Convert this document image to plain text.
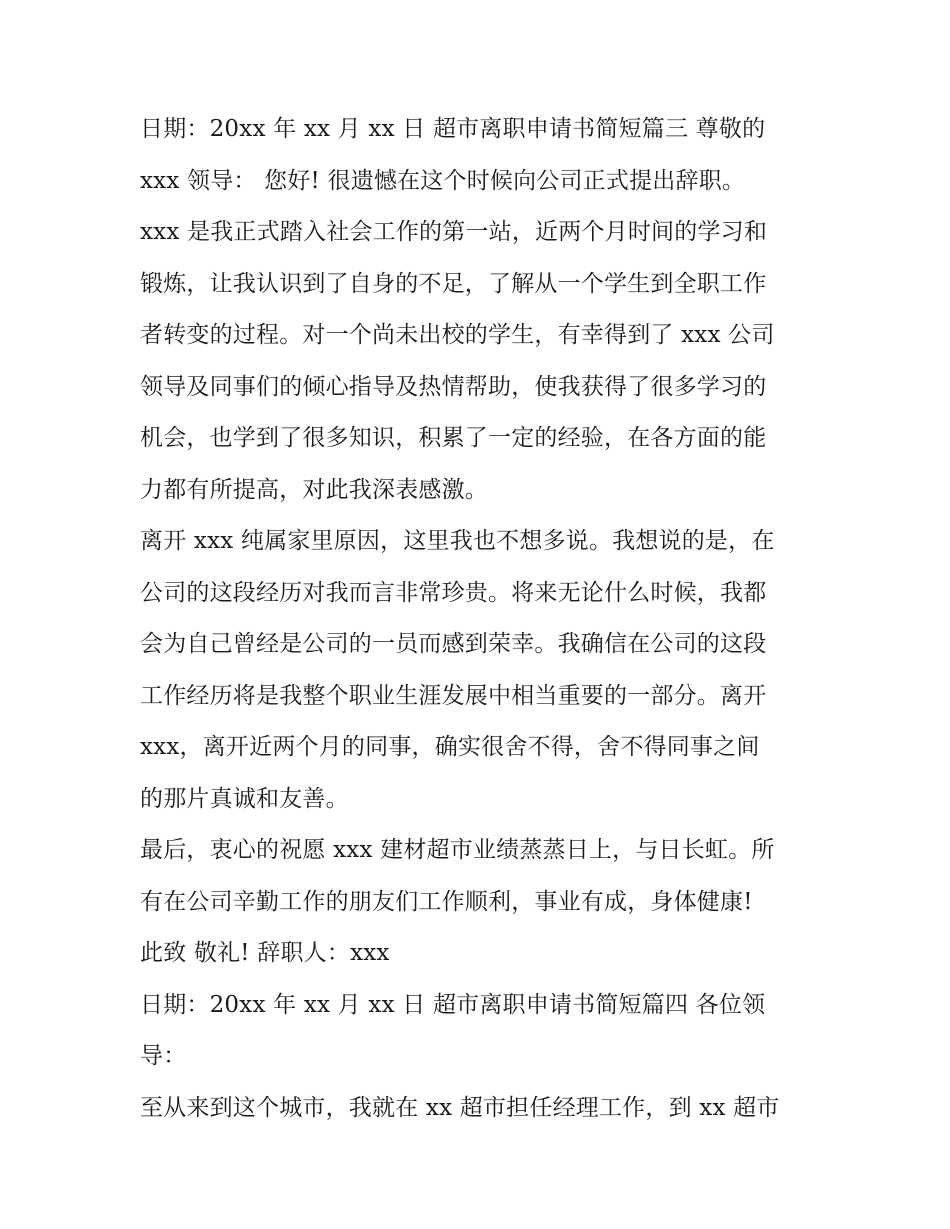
日期：20xx 年 xx 月 xx 日 超市离职申请书简短篇三 尊敬的
xxx 领导： 您好! 很遗憾在这个时候向公司正式提出辞职。
xxx 是我正式踏入社会工作的第一站，近两个月时间的学习和
锻炼，让我认识到了自身的不足，了解从一个学生到全职工作
者转变的过程。对一个尚未出校的学生，有幸得到了 xxx 公司
领导及同事们的倾心指导及热情帮助，使我获得了很多学习的
机会，也学到了很多知识，积累了一定的经验，在各方面的能
力都有所提高，对此我深表感激。
离开 xxx 纯属家里原因，这里我也不想多说。我想说的是，在
公司的这段经历对我而言非常珍贵。将来无论什么时候，我都
会为自己曾经是公司的一员而感到荣幸。我确信在公司的这段
工作经历将是我整个职业生涯发展中相当重要的一部分。离开
xxx，离开近两个月的同事，确实很舍不得，舍不得同事之间
的那片真诚和友善。
最后，衷心的祝愿 xxx 建材超市业绩蒸蒸日上，与日长虹。所
有在公司辛勤工作的朋友们工作顺利，事业有成，身体健康!
此致 敬礼! 辞职人：xxx
日期：20xx 年 xx 月 xx 日 超市离职申请书简短篇四 各位领
导：
至从来到这个城市，我就在 xx 超市担任经理工作，到 xx 超市
